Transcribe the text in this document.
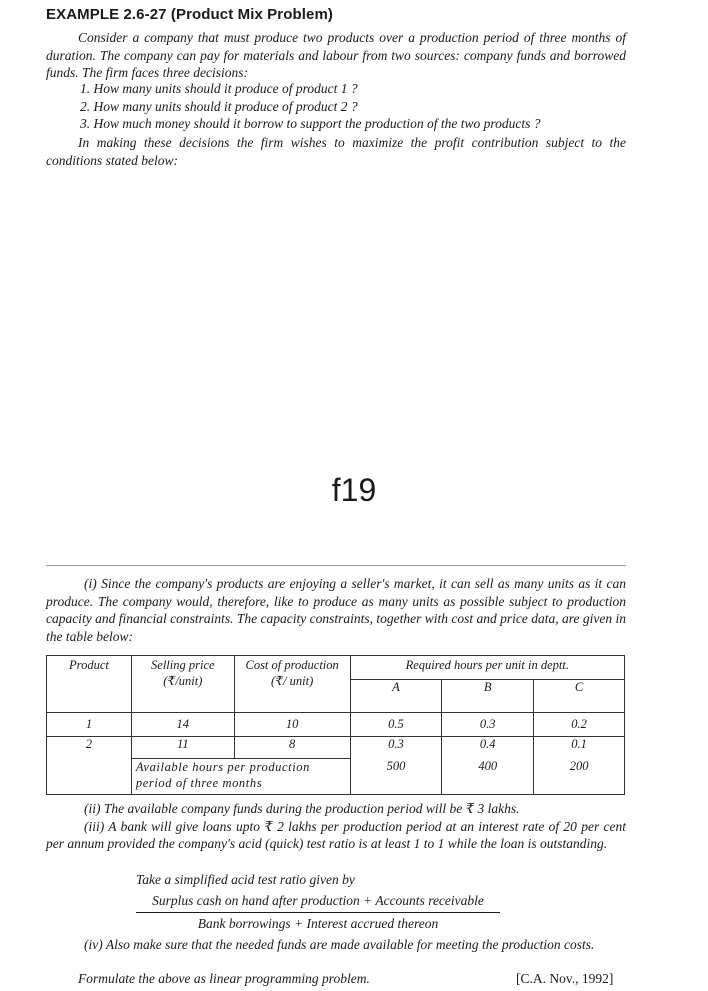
EXAMPLE 2.6-27 (Product Mix Problem)
Consider a company that must produce two products over a production period of three months of duration. The company can pay for materials and labour from two sources: company funds and borrowed funds. The firm faces three decisions:
1. How many units should it produce of product 1 ?
2. How many units should it produce of product 2 ?
3. How much money should it borrow to support the production of the two products ?
In making these decisions the firm wishes to maximize the profit contribution subject to the conditions stated below:
f19
(i) Since the company's products are enjoying a seller's market, it can sell as many units as it can produce. The company would, therefore, like to produce as many units as possible subject to production capacity and financial constraints. The capacity constraints, together with cost and price data, are given in the table below:
Product	Selling price (₹/unit)	Cost of production (₹/ unit)	Required hours per unit in deptt.		
			A	B	C
1	14	10	0.5	0.3	0.2
2	11	8	0.3	0.4	0.1
	Available hours per production period of three months		500	400	200

(ii) The available company funds during the production period will be ₹ 3 lakhs.

(iii) A bank will give loans upto ₹ 2 lakhs per production period at an interest rate of 20 per cent per annum provided the company's acid (quick) test ratio is at least 1 to 1 while the loan is outstanding.

Take a simplified acid test ratio given by
Surplus cash on hand after production + Accounts receivable
Bank borrowings + Interest accrued thereon
(iv) Also make sure that the needed funds are made available for meeting the production costs.
Formulate the above as linear programming problem.	[C.A. Nov., 1992]
